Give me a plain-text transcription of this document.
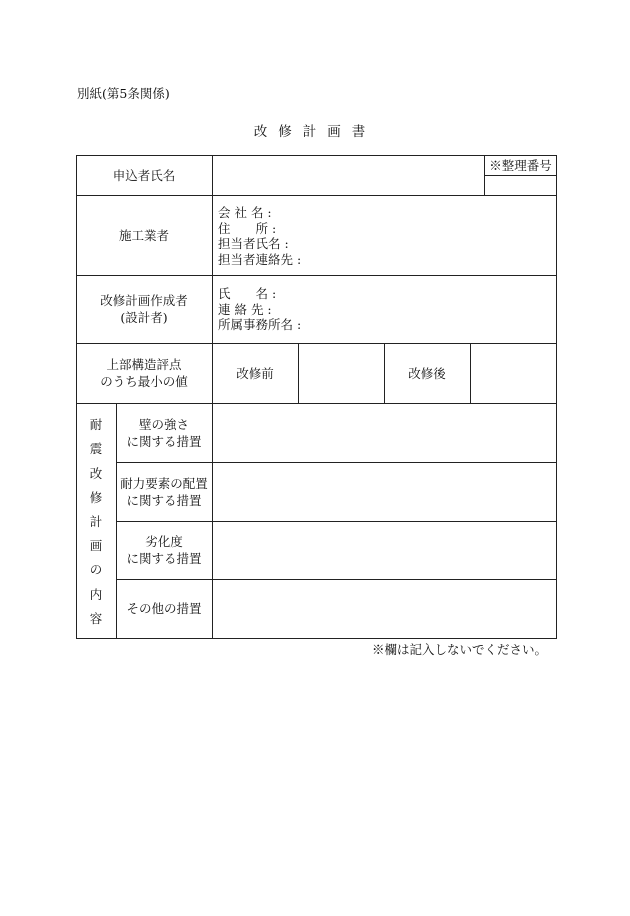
別紙(第5条関係)
改修計画書
申込者氏名
※整理番号
施工業者
会 社 名 :
住　　所 :
担当者氏名 :
担当者連絡先 :
改修計画作成者
(設計者)
氏　　名 :
連 絡 先 :
所属事務所名 :
上部構造評点
のうち最小の値
改修前	改修後
耐
震
改
修
計
画
の
内
容
壁の強さ
に関する措置
耐力要素の配置
に関する措置
劣化度
に関する措置
その他の措置
※欄は記入しないでください。
